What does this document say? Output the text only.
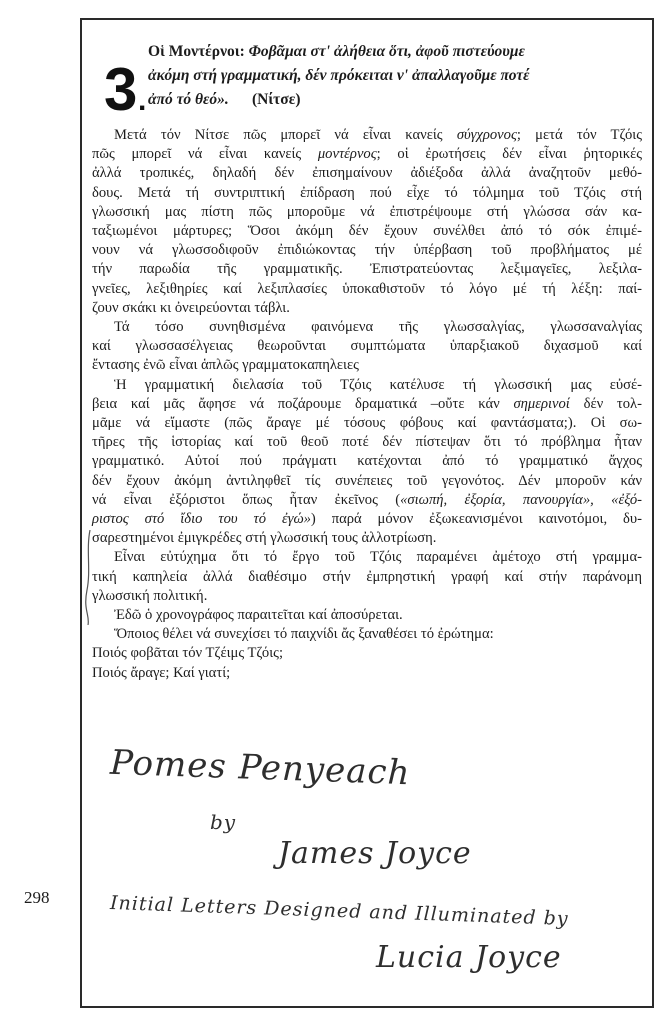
3 .
Οἱ Μοντέρνοι: Φοβᾶμαι στ' ἀλήθεια ὅτι, ἀφοῦ πιστεύουμε
ἀκόμη στή γραμματική, δέν πρόκειται ν' ἀπαλλαγοῦμε ποτέ
ἀπό τό θεό». (Νίτσε)
Μετά τόν Νίτσε πῶς μπορεῖ νά εἶναι κανείς σύγχρονος; μετά τόν Τζόις
πῶς μπορεῖ νά εἶναι κανείς μοντέρνος; οἱ ἐρωτήσεις δέν εἶναι ῥητορικές
ἀλλά τροπικές, δηλαδή δέν ἐπισημαίνουν ἀδιέξοδα ἀλλά ἀναζητοῦν μεθό-
δους. Μετά τή συντριπτική ἐπίδραση πού εἶχε τό τόλμημα τοῦ Τζόις στή
γλωσσική μας πίστη πῶς μποροῦμε νά ἐπιστρέψουμε στή γλώσσα σάν κα-
ταξιωμένοι μάρτυρες; Ὅσοι ἀκόμη δέν ἔχουν συνέλθει ἀπό τό σόκ ἐπιμέ-
νουν νά γλωσσοδιφοῦν ἐπιδιώκοντας τήν ὑπέρβαση τοῦ προβλήματος μέ
τήν παρωδία τῆς γραμματικῆς. Ἐπιστρατεύοντας λεξιμαγεῖες, λεξιλα-
γνεῖες, λεξιθηρίες καί λεξιπλασίες ὑποκαθιστοῦν τό λόγο μέ τή λέξη: παί-
ζουν σκάκι κι ὀνειρεύονται τάβλι.
Τά τόσο συνηθισμένα φαινόμενα τῆς γλωσσαλγίας, γλωσσαναλγίας
καί γλωσσασέλγειας θεωροῦνται συμπτώματα ὑπαρξιακοῦ διχασμοῦ καί
ἔντασης ἐνῶ εἶναι ἁπλῶς γραμματοκαπηλειες
Ἡ γραμματική διελασία τοῦ Τζόις κατέλυσε τή γλωσσική μας εὐσέ-
βεια καί μᾶς ἄφησε νά ποζάρουμε δραματικά –οὔτε κάν σημερινοί δέν τολ-
μᾶμε νά εἴμαστε (πῶς ἄραγε μέ τόσους φόβους καί φαντάσματα;). Οἱ σω-
τῆρες τῆς ἱστορίας καί τοῦ θεοῦ ποτέ δέν πίστεψαν ὅτι τό πρόβλημα ἦταν
γραμματικό. Αὐτοί πού πράγματι κατέχονται ἀπό τό γραμματικό ἄγχος
δέν ἔχουν ἀκόμη ἀντιληφθεῖ τίς συνέπειες τοῦ γεγονότος. Δέν μποροῦν κάν
νά εἶναι ἐξόριστοι ὅπως ἦταν ἐκεῖνος («σιωπή, ἐξορία, πανουργία», «ἐξό-
ριστος στό ἴδιο του τό ἐγώ») παρά μόνον ἐξωκεανισμένοι καινοτόμοι, δυ-
σαρεστημένοι ἐμιγκρέδες στή γλωσσική τους ἀλλοτρίωση.
Εἶναι εὐτύχημα ὅτι τό ἔργο τοῦ Τζόις παραμένει ἀμέτοχο στή γραμμα-
τική καπηλεία ἀλλά διαθέσιμο στήν ἐμπρηστική γραφή καί στήν παράνομη
γλωσσική πολιτική.
Ἐδῶ ὁ χρονογράφος παραιτεῖται καί ἀποσύρεται.
Ὅποιος θέλει νά συνεχίσει τό παιχνίδι ἄς ξαναθέσει τό ἐρώτημα:
Ποιός φοβᾶται τόν Τζέιμς Τζόις;
Ποιός ἄραγε; Καί γιατί;
Pomes Penyeach
by
James Joyce
Initial Letters Designed and Illuminated by
Lucia Joyce
298
